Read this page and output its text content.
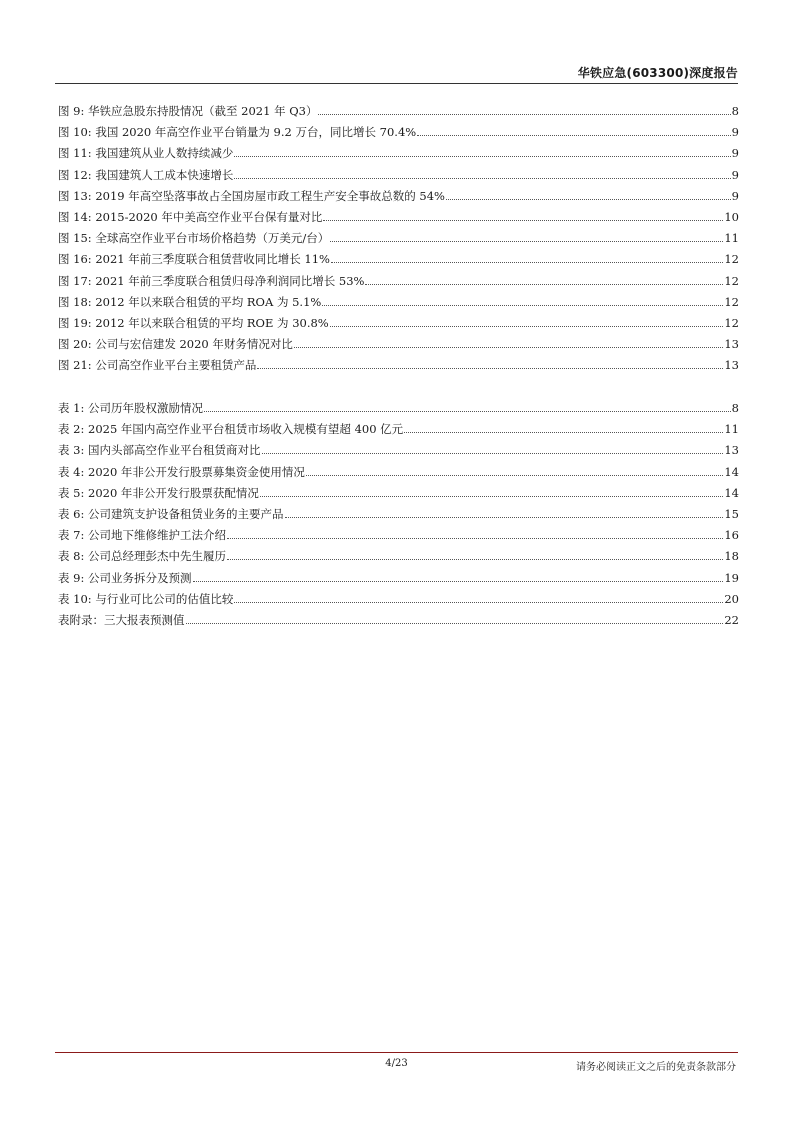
华铁应急(603300)深度报告
图 9: 华铁应急股东持股情况（截至 2021 年 Q3）	8
图 10: 我国 2020 年高空作业平台销量为 9.2 万台，同比增长 70.4%	9
图 11: 我国建筑从业人数持续减少	9
图 12: 我国建筑人工成本快速增长	9
图 13: 2019 年高空坠落事故占全国房屋市政工程生产安全事故总数的 54%	9
图 14: 2015-2020 年中美高空作业平台保有量对比	10
图 15: 全球高空作业平台市场价格趋势（万美元/台）	11
图 16: 2021 年前三季度联合租赁营收同比增长 11%	12
图 17: 2021 年前三季度联合租赁归母净利润同比增长 53%	12
图 18: 2012 年以来联合租赁的平均 ROA 为 5.1%	12
图 19: 2012 年以来联合租赁的平均 ROE 为 30.8%	12
图 20: 公司与宏信建发 2020 年财务情况对比	13
图 21: 公司高空作业平台主要租赁产品	13
表 1: 公司历年股权激励情况	8
表 2: 2025 年国内高空作业平台租赁市场收入规模有望超 400 亿元	11
表 3: 国内头部高空作业平台租赁商对比	13
表 4: 2020 年非公开发行股票募集资金使用情况	14
表 5: 2020 年非公开发行股票获配情况	14
表 6: 公司建筑支护设备租赁业务的主要产品	15
表 7: 公司地下维修维护工法介绍	16
表 8: 公司总经理彭杰中先生履历	18
表 9: 公司业务拆分及预测	19
表 10: 与行业可比公司的估值比较	20
表附录：三大报表预测值	22
4/23	请务必阅读正文之后的免责条款部分
